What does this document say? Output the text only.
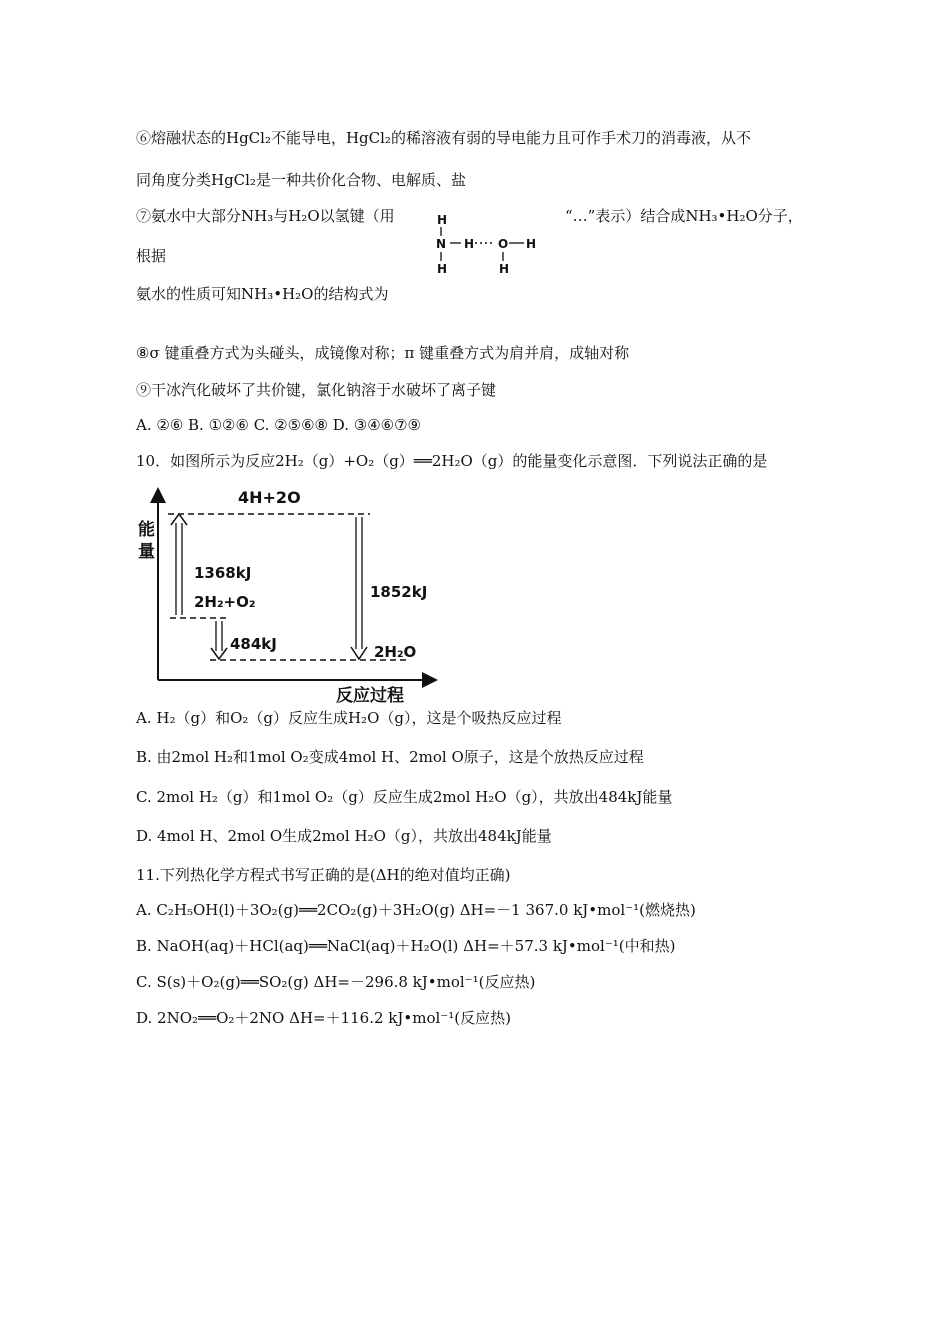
⑥熔融状态的HgCl₂不能导电，HgCl₂的稀溶液有弱的导电能力且可作手术刀的消毒液，从不
同角度分类HgCl₂是一种共价化合物、电解质、盐
⑦氨水中大部分NH₃与H₂O以氢键（用	“…”表示）结合成NH₃•H₂O分子，
根据
H
N
H
H O H
H
氨水的性质可知NH₃•H₂O的结构式为
⑧σ 键重叠方式为头碰头，成镜像对称；π 键重叠方式为肩并肩，成轴对称
⑨干冰汽化破坏了共价键，氯化钠溶于水破坏了离子键
A. ②⑥ B. ①②⑥ C. ②⑤⑥⑧ D. ③④⑥⑦⑨
10．如图所示为反应2H₂（g）+O₂（g）══2H₂O（g）的能量变化示意图．下列说法正确的是
4H+2O
能
量
反应过程
1368kJ
1852kJ
484kJ
2H₂+O₂
2H₂O
A. H₂（g）和O₂（g）反应生成H₂O（g），这是个吸热反应过程
B. 由2mol H₂和1mol O₂变成4mol H、2mol O原子，这是个放热反应过程
C. 2mol H₂（g）和1mol O₂（g）反应生成2mol H₂O（g），共放出484kJ能量
D. 4mol H、2mol O生成2mol H₂O（g），共放出484kJ能量
11.下列热化学方程式书写正确的是(ΔH的绝对值均正确)
A. C₂H₅OH(l)＋3O₂(g)══2CO₂(g)＋3H₂O(g) ΔH=－1 367.0 kJ•mol⁻¹(燃烧热)
B. NaOH(aq)＋HCl(aq)══NaCl(aq)＋H₂O(l) ΔH=＋57.3 kJ•mol⁻¹(中和热)
C. S(s)＋O₂(g)══SO₂(g) ΔH=－296.8 kJ•mol⁻¹(反应热)
D. 2NO₂══O₂＋2NO ΔH=＋116.2 kJ•mol⁻¹(反应热)
